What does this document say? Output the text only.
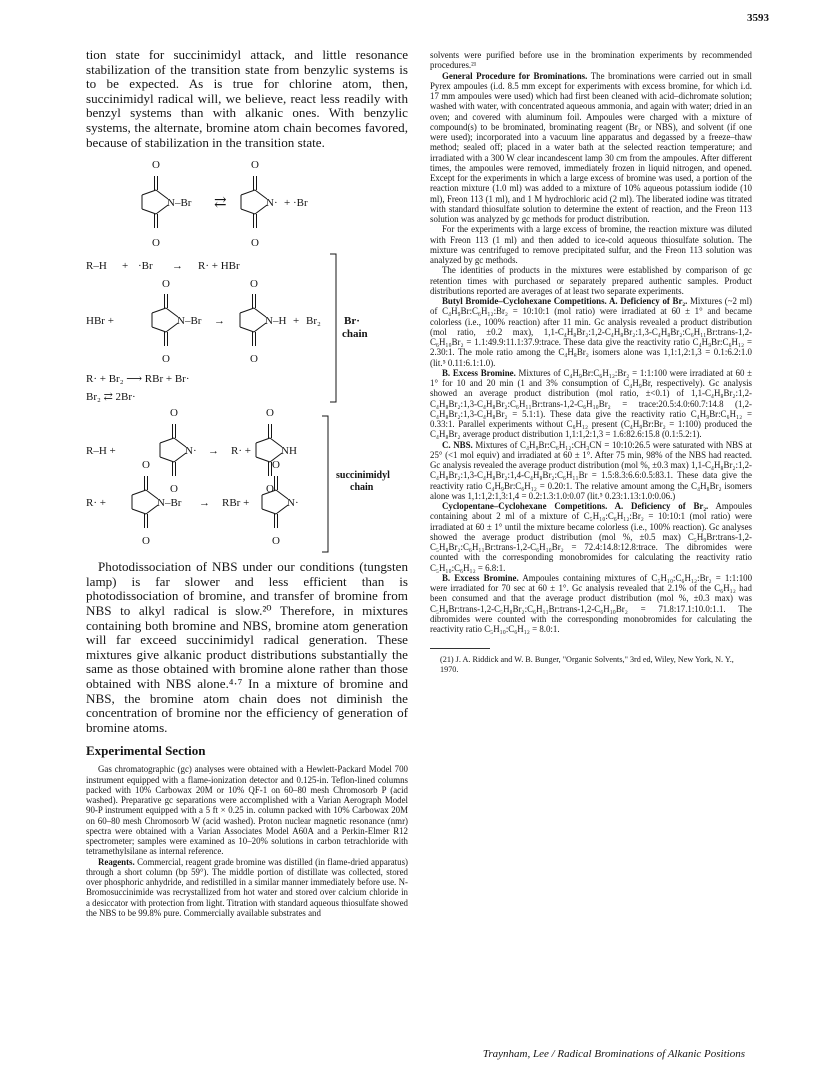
3593

tion state for succinimidyl attack, and little resonance stabilization of the transition state from benzylic systems is to be expected. As is true for chlorine atom, then, succinimidyl radical will, we believe, react less readily with benzyl systems than with alkanic ones. With benzylic systems, the alternate, bromine atom chain becomes favored, because of stabilization in the transition state.

O
N–Br
O
⇄
O
N· + ·Br
O
R–H + ·Br → R· + HBr
O
N–Br
O
HBr +	→
O
N–H
O
+ Br₂
R· + Br₂ ⟶ RBr + Br·
Br₂ ⇄ 2Br·
Br·
chain
O
N·
O
R–H +	→ R· +
O
NH
O
O
N–Br
O
R· +	→ RBr +
O
N·
O
succinimidyl
chain

Photodissociation of NBS under our conditions (tungsten lamp) is far slower and less efficient than is photodissociation of bromine, and transfer of bromine from NBS to alkyl radical is slow.²⁰ Therefore, in mixtures containing both bromine and NBS, bromine atom generation will far exceed succinimidyl radical generation. These mixtures give alkanic product distributions substantially the same as those obtained with bromine alone rather than those obtained with NBS alone.⁴·⁷ In a mixture of bromine and NBS, the bromine atom chain does not diminish the concentration of bromine nor the efficiency of generation of bromine atoms.

Experimental Section

Gas chromatographic (gc) analyses were obtained with a Hewlett-Packard Model 700 instrument equipped with a flame-ionization detector and 0.125-in. Teflon-lined columns packed with 10% Carbowax 20M or 10% QF-1 on 60–80 mesh Chromosorb P (acid washed). Preparative gc separations were accomplished with a Varian Aerograph Model 90-P instrument equipped with a 5 ft × 0.25 in. column packed with 10% Carbowax 20M on 60–80 mesh Chromosorb W (acid washed). Proton nuclear magnetic resonance (nmr) spectra were obtained with a Varian Associates Model A60A and a Perkin-Elmer R12 spectrometer; samples were examined as 10–20% solutions in carbon tetrachloride with tetramethylsilane as internal reference.

Reagents. Commercial, reagent grade bromine was distilled (in flame-dried apparatus) through a short column (bp 59°). The middle portion of distillate was collected, stored over phosphoric anhydride, and redistilled in a similar manner immediately before use. N-Bromosuccinimide was recrystallized from hot water and stored over calcium chloride in a desiccator with protection from light. Titration with standard aqueous thiosulfate showed the NBS to be 99.8% pure. Commercially available substrates and

solvents were purified before use in the bromination experiments by recommended procedures.²¹

General Procedure for Brominations. The brominations were carried out in small Pyrex ampoules (i.d. 8.5 mm except for experiments with excess bromine, for which i.d. 17 mm ampoules were used) which had first been cleaned with acid–dichromate solution; washed with water, with concentrated aqueous ammonia, and again with water; dried in an oven; and covered with aluminum foil. Ampoules were charged with a mixture of compound(s) to be brominated, brominating reagent (Br₂ or NBS), and solvent (if one were used); incorporated into a vacuum line apparatus and degassed by a freeze–thaw method; sealed off; placed in a water bath at the selected reaction temperature; and irradiated with a 300 W clear incandescent lamp 30 cm from the ampoules. After different times, the ampoules were removed, immediately frozen in liquid nitrogen, and opened. Except for the experiments in which a large excess of bromine was used, a portion of the reaction mixture (1.0 ml) was added to a mixture of 10% aqueous potassium iodide (10 ml), Freon 113 (1 ml), and 1 M hydrochloric acid (2 ml). The liberated iodine was titrated with standard thiosulfate solution to determine the extent of reaction, and the Freon 113 solution was analyzed by gc methods for product distribution.

For the experiments with a large excess of bromine, the reaction mixture was diluted with Freon 113 (1 ml) and then added to ice-cold aqueous thiosulfate solution. The mixture was centrifuged to remove precipitated sulfur, and the Freon 113 solution was analyzed by gc methods.

The identities of products in the mixtures were established by comparison of gc retention times with purchased or separately prepared authentic samples. Product distributions reported are averages of at least two separate experiments.

Butyl Bromide–Cyclohexane Competitions. A. Deficiency of Br₂. Mixtures (~2 ml) of C₄H₉Br:C₆H₁₂:Br₂ = 10:10:1 (mol ratio) were irradiated at 60 ± 1° and became colorless (i.e., 100% reaction) after 11 min. Gc analysis revealed a product distribution (mol ratio, ±0.2 max), 1,1-C₄H₈Br₂:1,2-C₄H₈Br₂:1,3-C₄H₈Br₂:C₆H₁₁Br:trans-1,2-C₆H₁₀Br₂ = 1.1:49.9:11.1:37.9:trace. These data give the reactivity ratio C₄H₉Br:C₆H₁₂ = 2.30:1. The mole ratio among the C₄H₈Br₂ isomers alone was 1,1:1,2:1,3 = 0.1:6.2:1.0 (lit.⁵ 0.11:6.1:1.0).

B. Excess Bromine. Mixtures of C₄H₉Br:C₆H₁₂:Br₂ = 1:1:100 were irradiated at 60 ± 1° for 10 and 20 min (1 and 3% consumption of C₄H₉Br, respectively). Gc analysis showed an average product distribution (mol ratio, ±<0.1) of 1,1-C₄H₈Br₂:1,2-C₄H₈Br₂:1,3-C₄H₈Br₂:C₆H₁₁Br:trans-1,2-C₆H₁₀Br₂ = trace:20.5:4.0:60.7:14.8 (1,2-C₄H₈Br₂:1,3-C₄H₈Br₂ = 5.1:1). These data give the reactivity ratio C₄H₉Br:C₆H₁₂ = 0.33:1. Parallel experiments without C₆H₁₂ present (C₄H₉Br:Br₂ = 1:100) produced the C₄H₈Br₂ average product distribution 1,1:1,2:1,3 = 1.6:82.6:15.8 (0.1:5.2:1).

C. NBS. Mixtures of C₄H₉Br:C₆H₁₂:CH₃CN = 10:10:26.5 were saturated with NBS at 25° (<1 mol equiv) and irradiated at 60 ± 1°. After 75 min, 98% of the NBS had reacted. Gc analysis revealed the average product distribution (mol %, ±0.3 max) 1,1-C₄H₈Br₂:1,2-C₄H₈Br₂:1,3-C₄H₈Br₂:1,4-C₄H₈Br₂:C₆H₁₁Br = 1.5:8.3:6.6:0.5:83.1. These data give the reactivity ratio C₄H₉Br:C₆H₁₂ = 0.20:1. The relative amount among the C₄H₈Br₂ isomers alone was 1,1:1,2:1,3:1,4 = 0.2:1.3:1.0:0.07 (lit.⁵ 0.23:1.13:1.0:0.06.)

Cyclopentane–Cyclohexane Competitions. A. Deficiency of Br₂. Ampoules containing about 2 ml of a mixture of C₅H₁₀:C₆H₁₂:Br₂ = 10:10:1 (mol ratio) were irradiated at 60 ± 1° until the mixture became colorless (i.e., 100% reaction). Gc analyses showed the average product distribution (mol %, ±0.5 max) C₅H₉Br:trans-1,2-C₅H₈Br₂:C₆H₁₁Br:trans-1,2-C₆H₁₀Br₂ = 72.4:14.8:12.8:trace. The dibromides were counted with the corresponding monobromides for calculating the reactivity ratio C₅H₁₀:C₆H₁₂ = 6.8:1.

B. Excess Bromine. Ampoules containing mixtures of C₅H₁₀:C₆H₁₂:Br₂ = 1:1:100 were irradiated for 70 sec at 60 ± 1°. Gc analysis revealed that 2.1% of the C₆H₁₂ had been consumed and that the average product distribution (mol %, ±0.3 max) was C₅H₉Br:trans-1,2-C₅H₈Br₂:C₆H₁₁Br:trans-1,2-C₆H₁₀Br₂ = 71.8:17.1:10.0:1.1. The dibromides were counted with the corresponding monobromides for calculating the reactivity ratio C₅H₁₀:C₆H₁₂ = 8.0:1.

(21) J. A. Riddick and W. B. Bunger, "Organic Solvents," 3rd ed, Wiley, New York, N. Y., 1970.

Traynham, Lee / Radical Brominations of Alkanic Positions
